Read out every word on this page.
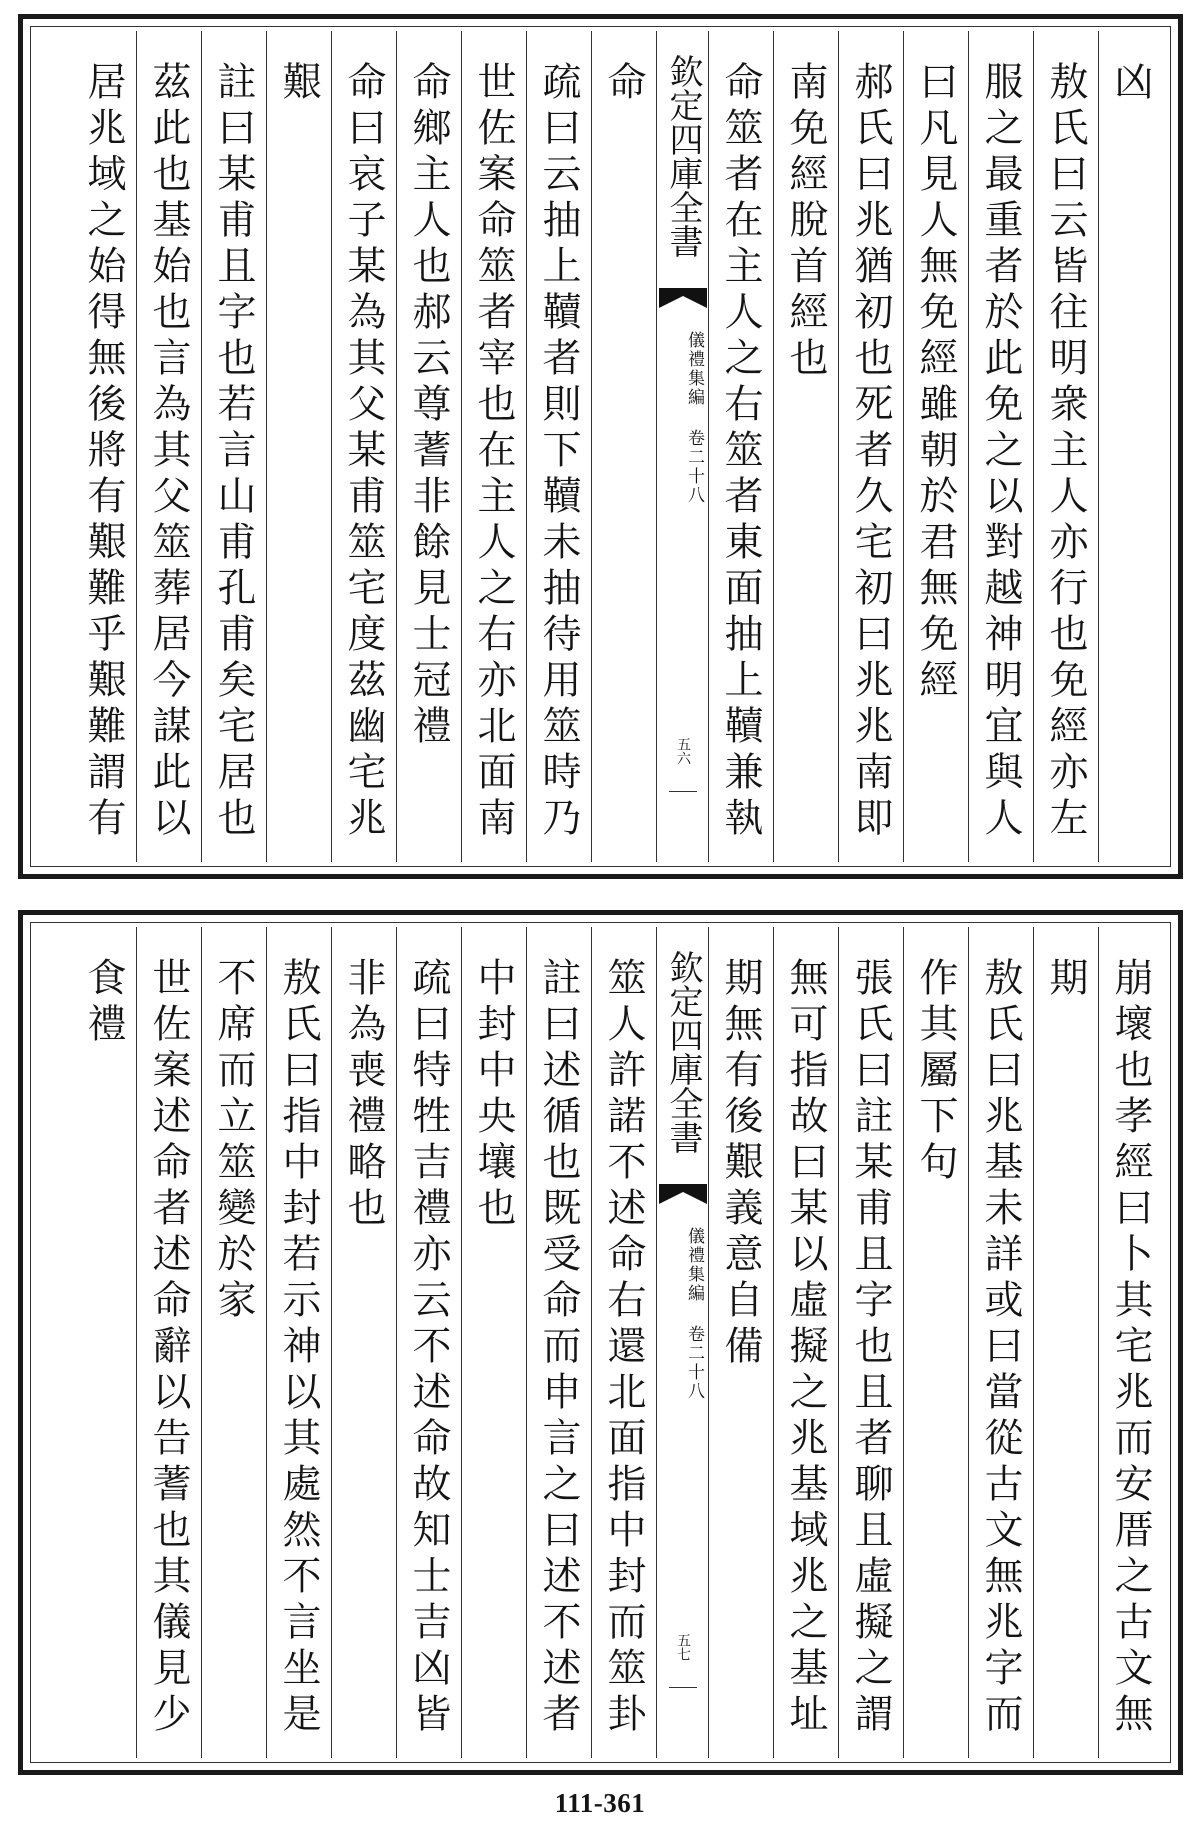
凶
敖氏曰云皆往明衆主人亦行也免經亦左
服之最重者於此免之以對越神明宜與人
曰凡見人無免經雖朝於君無免經
郝氏曰兆猶初也死者久宅初曰兆兆南即
南免經脫首經也
命筮者在主人之右筮者東面抽上韇兼執
欽定四庫全書
儀禮集編 卷二十八
五六
命
疏曰云抽上韇者則下韇未抽待用筮時乃
世佐案命筮者宰也在主人之右亦北面南
命鄉主人也郝云尊蓍非餘見士冠禮
命曰哀子某為其父某甫筮宅度茲幽宅兆
艱
註曰某甫且字也若言山甫孔甫矣宅居也
茲此也基始也言為其父筮葬居今謀此以
居兆域之始得無後將有艱難乎艱難謂有
崩壞也孝經曰卜其宅兆而安厝之古文無
期
敖氏曰兆基未詳或曰當從古文無兆字而
作其屬下句
張氏曰註某甫且字也且者聊且虛擬之謂
無可指故曰某以虛擬之兆基域兆之基址
期無有後艱義意自備
欽定四庫全書
儀禮集編 卷二十八
五七
筮人許諾不述命右還北面指中封而筮卦
註曰述循也既受命而申言之曰述不述者
中封中央壤也
疏曰特牲吉禮亦云不述命故知士吉凶皆
非為喪禮略也
敖氏曰指中封若示神以其處然不言坐是
不席而立筮變於家
世佐案述命者述命辭以告蓍也其儀見少
食禮
111-361
